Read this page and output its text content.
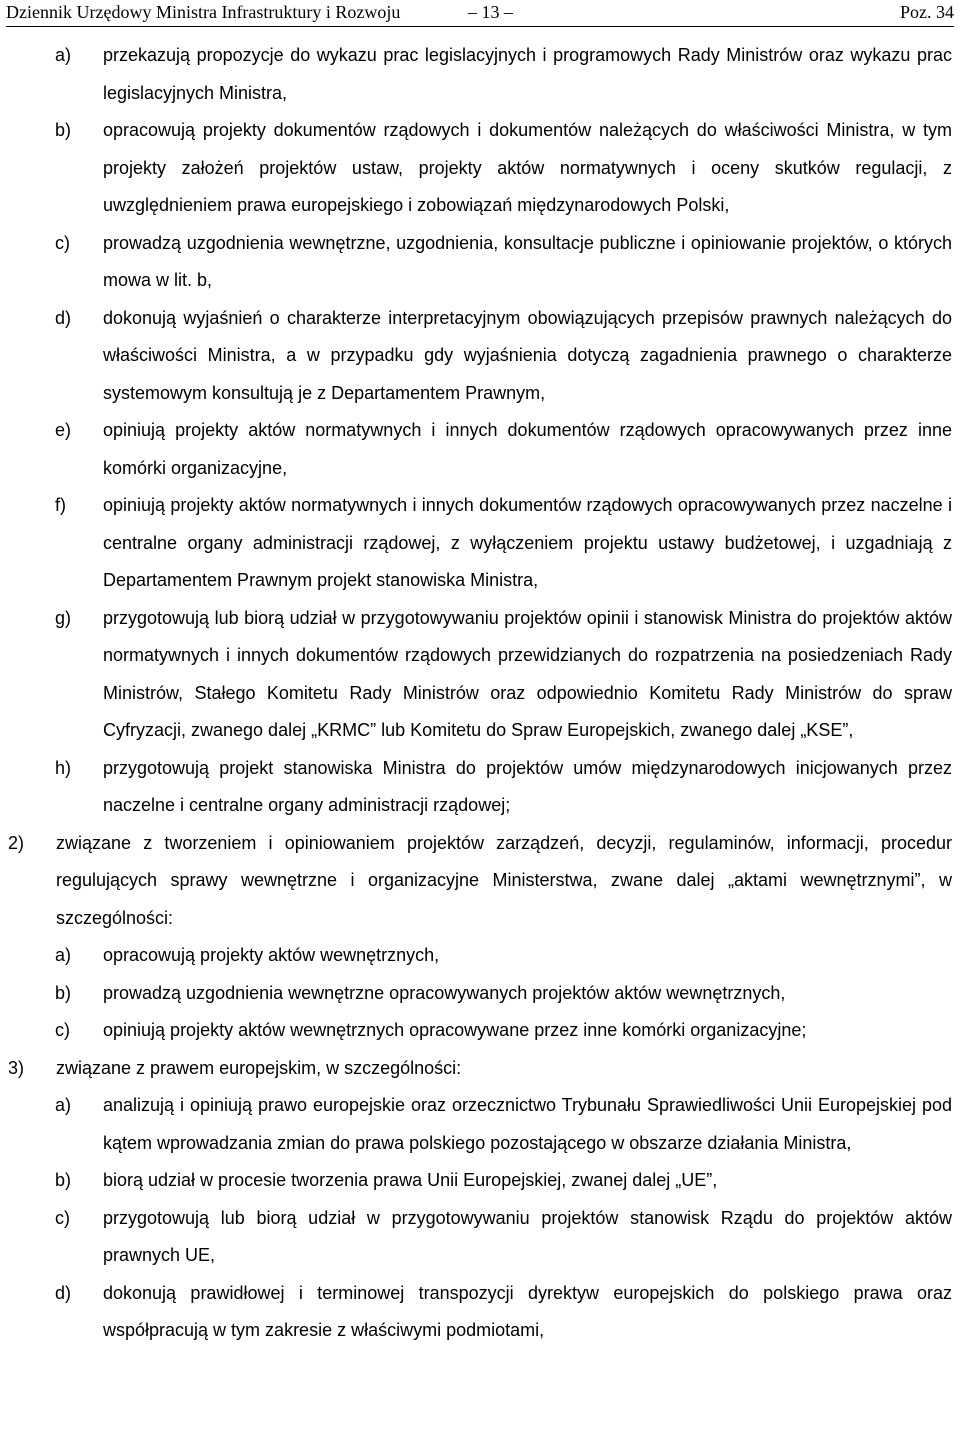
Dziennik Urzędowy Ministra Infrastruktury i Rozwoju	– 13 –	Poz. 34
a) przekazują propozycje do wykazu prac legislacyjnych i programowych Rady Ministrów oraz wykazu prac legislacyjnych Ministra,
b) opracowują projekty dokumentów rządowych i dokumentów należących do właściwości Ministra, w tym projekty założeń projektów ustaw, projekty aktów normatywnych i oceny skutków regulacji, z uwzględnieniem prawa europejskiego i zobowiązań międzynarodowych Polski,
c) prowadzą uzgodnienia wewnętrzne, uzgodnienia, konsultacje publiczne i opiniowanie projektów, o których mowa w lit. b,
d) dokonują wyjaśnień o charakterze interpretacyjnym obowiązujących przepisów prawnych należących do właściwości Ministra, a w przypadku gdy wyjaśnienia dotyczą zagadnienia prawnego o charakterze systemowym konsultują je z Departamentem Prawnym,
e) opiniują projekty aktów normatywnych i innych dokumentów rządowych opracowywanych przez inne komórki organizacyjne,
f) opiniują projekty aktów normatywnych i innych dokumentów rządowych opracowywanych przez naczelne i centralne organy administracji rządowej, z wyłączeniem projektu ustawy budżetowej, i uzgadniają z Departamentem Prawnym projekt stanowiska Ministra,
g) przygotowują lub biorą udział w przygotowywaniu projektów opinii i stanowisk Ministra do projektów aktów normatywnych i innych dokumentów rządowych przewidzianych do rozpatrzenia na posiedzeniach Rady Ministrów, Stałego Komitetu Rady Ministrów oraz odpowiednio Komitetu Rady Ministrów do spraw Cyfryzacji, zwanego dalej „KRMC” lub Komitetu do Spraw Europejskich, zwanego dalej „KSE”,
h) przygotowują projekt stanowiska Ministra do projektów umów międzynarodowych inicjowanych przez naczelne i centralne organy administracji rządowej;
2) związane z tworzeniem i opiniowaniem projektów zarządzeń, decyzji, regulaminów, informacji, procedur regulujących sprawy wewnętrzne i organizacyjne Ministerstwa, zwane dalej „aktami wewnętrznymi”, w szczególności:
a) opracowują projekty aktów wewnętrznych,
b) prowadzą uzgodnienia wewnętrzne opracowywanych projektów aktów wewnętrznych,
c) opiniują projekty aktów wewnętrznych opracowywane przez inne komórki organizacyjne;
3) związane z prawem europejskim, w szczególności:
a) analizują i opiniują prawo europejskie oraz orzecznictwo Trybunału Sprawiedliwości Unii Europejskiej pod kątem wprowadzania zmian do prawa polskiego pozostającego w obszarze działania Ministra,
b) biorą udział w procesie tworzenia prawa Unii Europejskiej, zwanej dalej „UE”,
c) przygotowują lub biorą udział w przygotowywaniu projektów stanowisk Rządu do projektów aktów prawnych UE,
d) dokonują prawidłowej i terminowej transpozycji dyrektyw europejskich do polskiego prawa oraz współpracują w tym zakresie z właściwymi podmiotami,
